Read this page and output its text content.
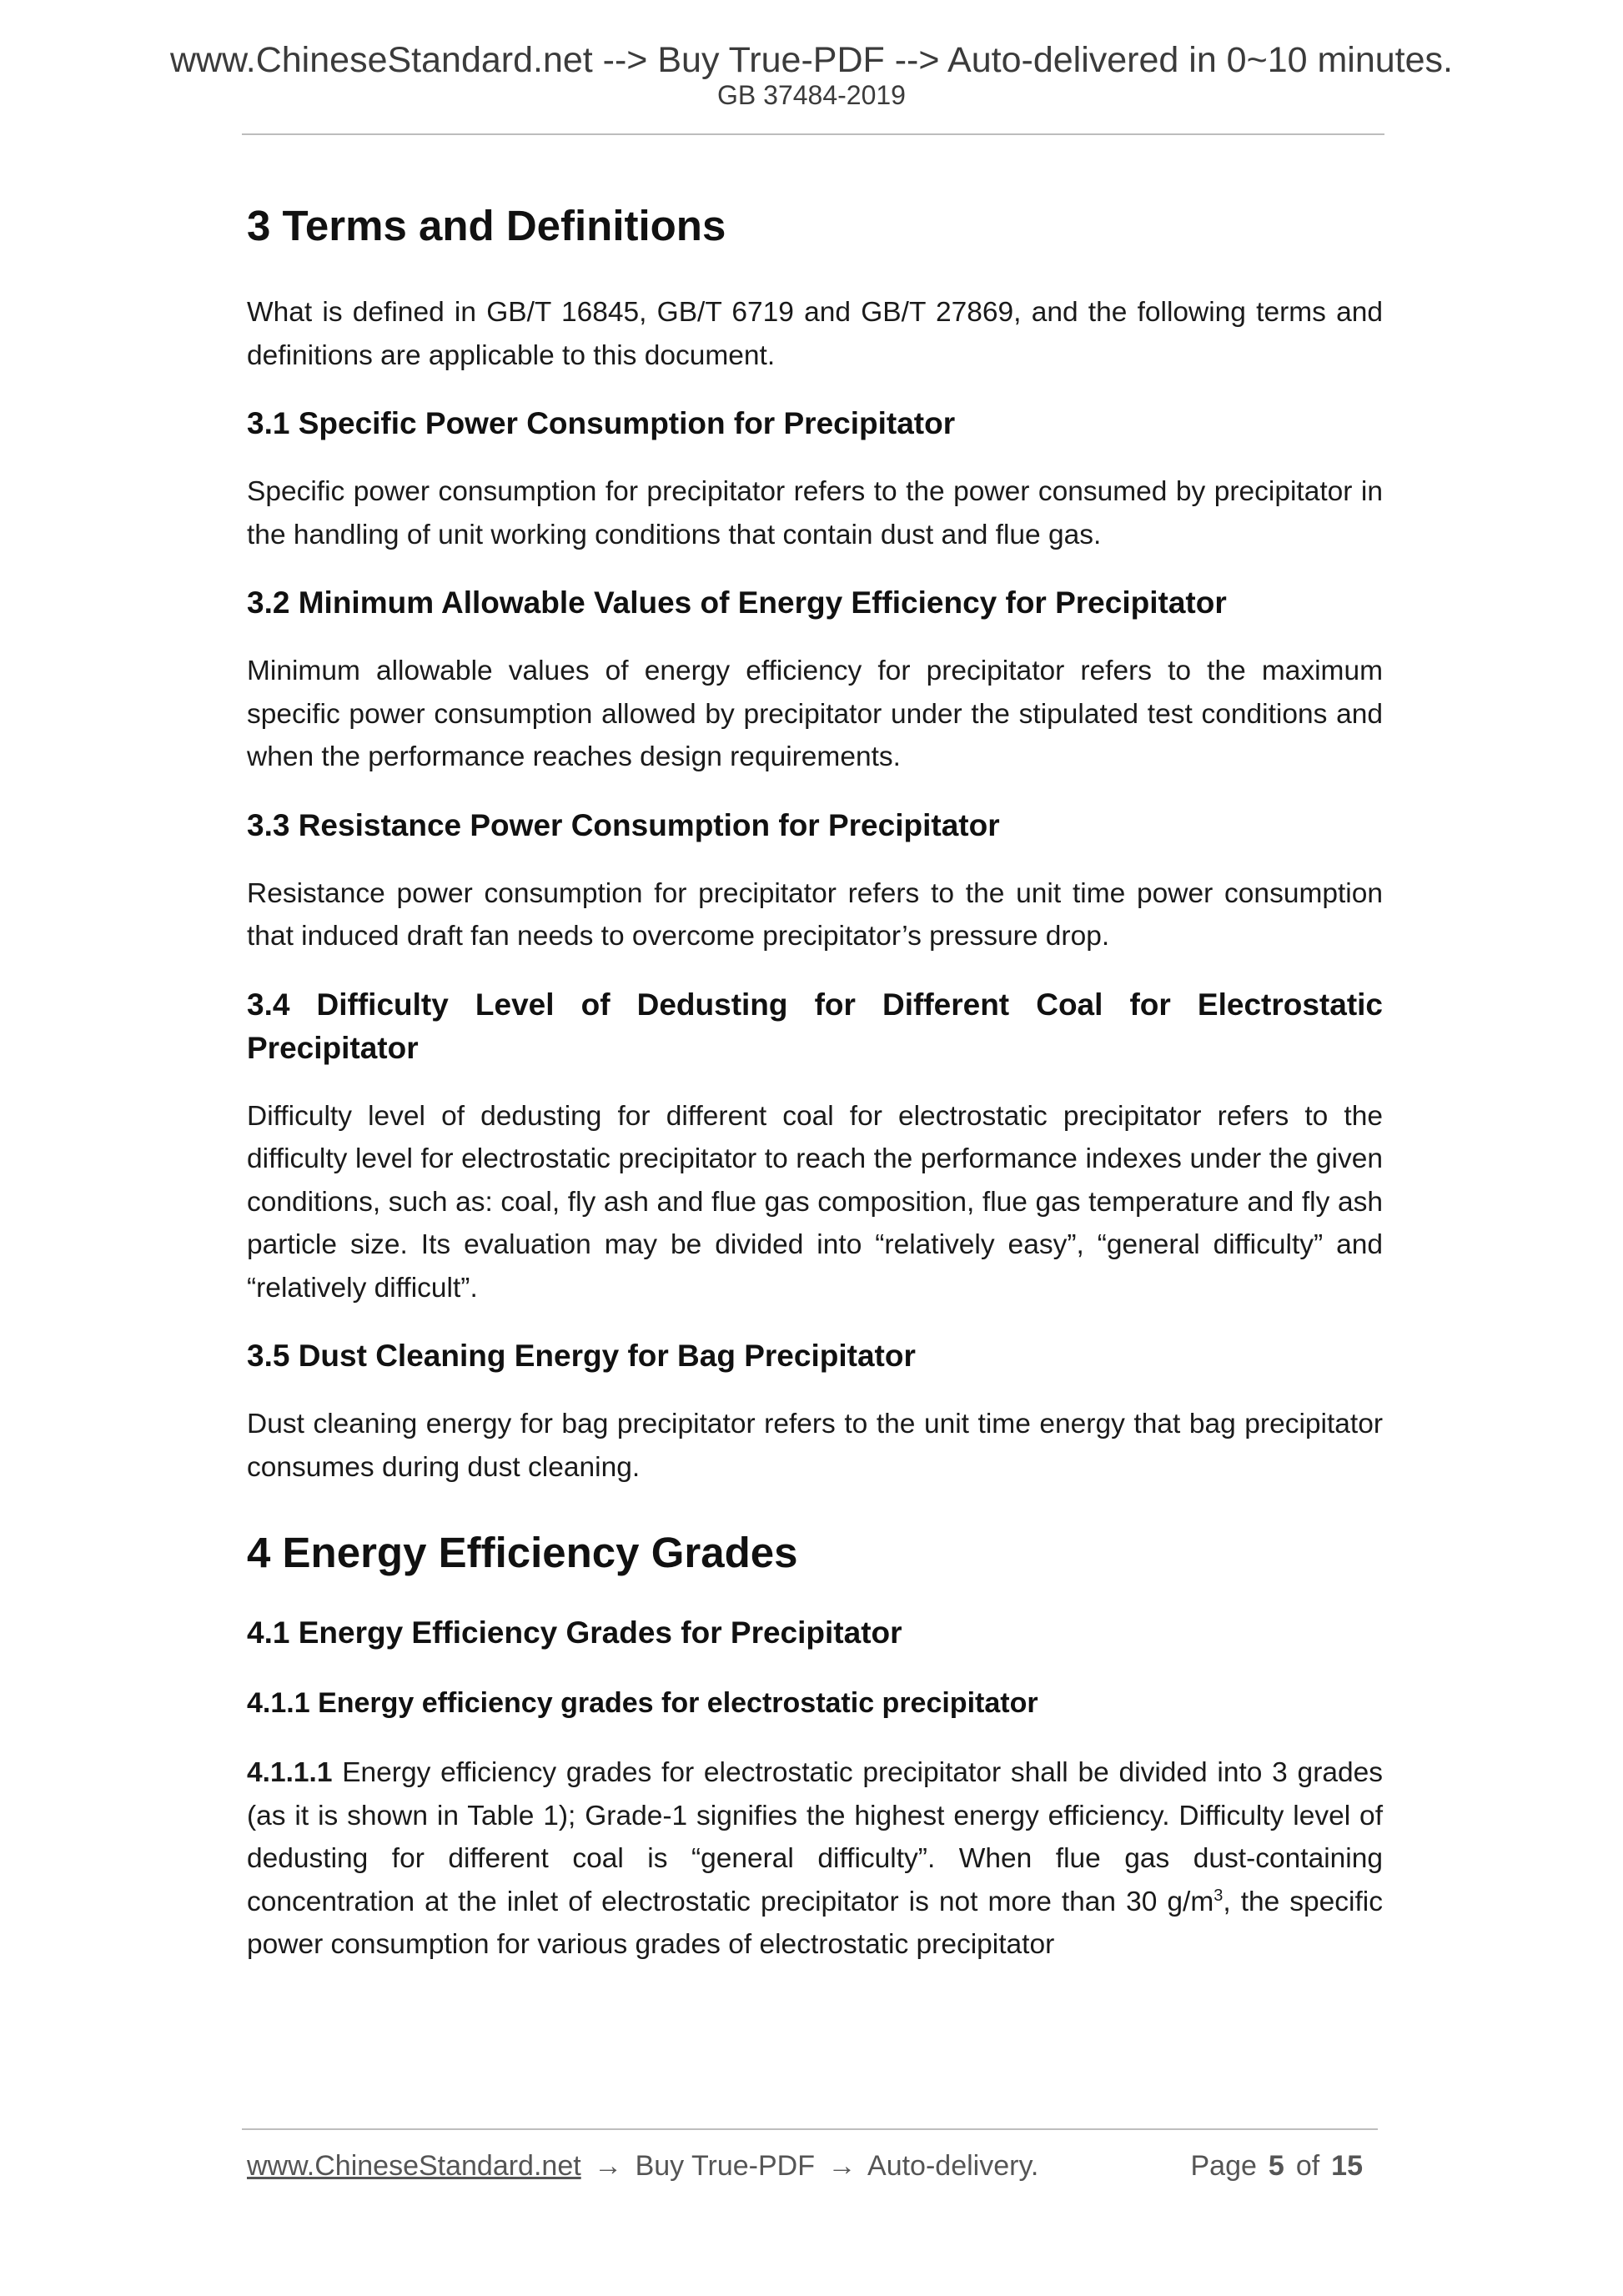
www.ChineseStandard.net --> Buy True-PDF --> Auto-delivered in 0~10 minutes.
GB 37484-2019
3 Terms and Definitions

What is defined in GB/T 16845, GB/T 6719 and GB/T 27869, and the following terms and definitions are applicable to this document.

3.1 Specific Power Consumption for Precipitator

Specific power consumption for precipitator refers to the power consumed by precipitator in the handling of unit working conditions that contain dust and flue gas.

3.2 Minimum Allowable Values of Energy Efficiency for Precipitator

Minimum allowable values of energy efficiency for precipitator refers to the maximum specific power consumption allowed by precipitator under the stipulated test conditions and when the performance reaches design requirements.

3.3 Resistance Power Consumption for Precipitator

Resistance power consumption for precipitator refers to the unit time power consumption that induced draft fan needs to overcome precipitator’s pressure drop.

3.4 Difficulty Level of Dedusting for Different Coal for Electrostatic Precipitator

Difficulty level of dedusting for different coal for electrostatic precipitator refers to the difficulty level for electrostatic precipitator to reach the performance indexes under the given conditions, such as: coal, fly ash and flue gas composition, flue gas temperature and fly ash particle size. Its evaluation may be divided into “relatively easy”, “general difficulty” and “relatively difficult”.

3.5 Dust Cleaning Energy for Bag Precipitator

Dust cleaning energy for bag precipitator refers to the unit time energy that bag precipitator consumes during dust cleaning.

4 Energy Efficiency Grades
4.1 Energy Efficiency Grades for Precipitator
4.1.1 Energy efficiency grades for electrostatic precipitator

4.1.1.1 Energy efficiency grades for electrostatic precipitator shall be divided into 3 grades (as it is shown in Table 1); Grade-1 signifies the highest energy efficiency. Difficulty level of dedusting for different coal is “general difficulty”. When flue gas dust-containing concentration at the inlet of electrostatic precipitator is not more than 30 $g/m^3$, the specific power consumption for various grades of electrostatic precipitator

www.ChineseStandard.net → Buy True-PDF → Auto-delivery.	Page 5 of 15
